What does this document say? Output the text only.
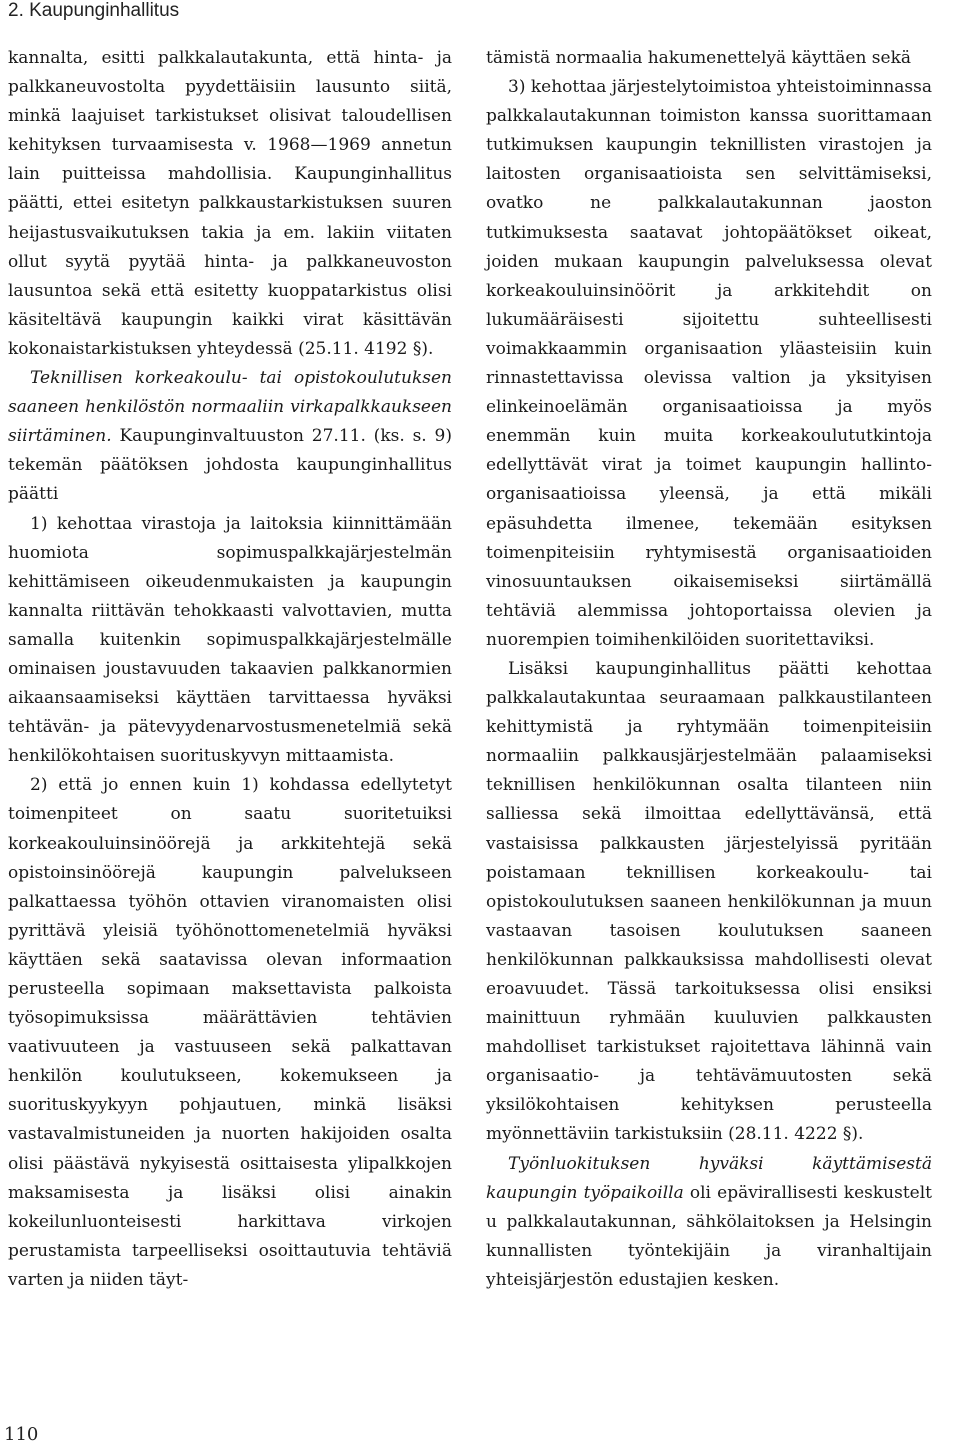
2. Kaupunginhallitus

kannalta, esitti palkkalautakunta, että hinta- ja palkkaneuvostolta pyydettäisiin lausunto siitä, minkä laajuiset tarkistukset olisivat taloudellisen kehityksen turvaamisesta v. 1968—1969 annetun lain puitteissa mahdollisia. Kaupunginhallitus päätti, ettei esitetyn palkkaustarkistuksen suuren heijastusvaikutuksen takia ja em. lakiin viitaten ollut syytä pyytää hinta- ja palkkaneuvoston lausuntoa sekä että esitetty kuoppatarkistus olisi käsiteltävä kaupungin kaikki virat käsittävän kokonaistarkistuksen yhteydessä (25.11. 4192 §).

Teknillisen korkeakoulu- tai opistokoulutuksen saaneen henkilöstön normaaliin virkapalkkaukseen siirtäminen. Kaupunginvaltuuston 27.11. (ks. s. 9) tekemän päätöksen johdosta kaupunginhallitus päätti

1) kehottaa virastoja ja laitoksia kiinnittämään huomiota sopimuspalkkajärjestelmän kehittämiseen oikeudenmukaisten ja kaupungin kannalta riittävän tehokkaasti valvottavien, mutta samalla kuitenkin sopimuspalkkajärjestelmälle ominaisen joustavuuden takaavien palkkanormien aikaansaamiseksi käyttäen tarvittaessa hyväksi tehtävän- ja pätevyydenarvostusmenetelmiä sekä henkilökohtaisen suorituskyvyn mittaamista.

2) että jo ennen kuin 1) kohdassa edellytetyt toimenpiteet on saatu suoritetuiksi korkeakouluinsinöörejä ja arkkitehtejä sekä opistoinsinöörejä kaupungin palvelukseen palkattaessa työhön ottavien viranomaisten olisi pyrittävä yleisiä työhönottomenetelmiä hyväksi käyttäen sekä saatavissa olevan informaation perusteella sopimaan maksettavista palkoista työsopimuksissa määrättävien tehtävien vaativuuteen ja vastuuseen sekä palkattavan henkilön koulutukseen, kokemukseen ja suorituskyykyyn pohjautuen, minkä lisäksi vastavalmistuneiden ja nuorten hakijoiden osalta olisi päästävä nykyisestä osittaisesta ylipalkkojen maksamisesta ja lisäksi olisi ainakin kokeilunluonteisesti harkittava virkojen perustamista tarpeelliseksi osoittautuvia tehtäviä varten ja niiden täyt-

tämistä normaalia hakumenettelyä käyttäen sekä

3) kehottaa järjestelytoimistoa yhteistoiminnassa palkkalautakunnan toimiston kanssa suorittamaan tutkimuksen kaupungin teknillisten virastojen ja laitosten organisaatioista sen selvittämiseksi, ovatko ne palkkalautakunnan jaoston tutkimuksesta saatavat johtopäätökset oikeat, joiden mukaan kaupungin palveluksessa olevat korkeakouluinsinöörit ja arkkitehdit on lukumääräisesti sijoitettu suhteellisesti voimakkaammin organisaation yläasteisiin kuin rinnastettavissa olevissa valtion ja yksityisen elinkeinoelämän organisaatioissa ja myös enemmän kuin muita korkeakoulututkintoja edellyttävät virat ja toimet kaupungin hallinto-organisaatioissa yleensä, ja että mikäli epäsuhdetta ilmenee, tekemään esityksen toimenpiteisiin ryhtymisestä organisaatioiden vinosuuntauksen oikaisemiseksi siirtämällä tehtäviä alemmissa johtoportaissa olevien ja nuorempien toimihenkilöiden suoritettaviksi.

Lisäksi kaupunginhallitus päätti kehottaa palkkalautakuntaa seuraamaan palkkaustilanteen kehittymistä ja ryhtymään toimenpiteisiin normaaliin palkkausjärjestelmään palaamiseksi teknillisen henkilökunnan osalta tilanteen niin salliessa sekä ilmoittaa edellyttävänsä, että vastaisissa palkkausten järjestelyissä pyritään poistamaan teknillisen korkeakoulu- tai opistokoulutuksen saaneen henkilökunnan ja muun vastaavan tasoisen koulutuksen saaneen henkilökunnan palkkauksissa mahdollisesti olevat eroavuudet. Tässä tarkoituksessa olisi ensiksi mainittuun ryhmään kuuluvien palkkausten mahdolliset tarkistukset rajoitettava lähinnä vain organisaatio- ja tehtävämuutosten sekä yksilökohtaisen kehityksen perusteella myönnettäviin tarkistuksiin (28.11. 4222 §).

Työnluokituksen hyväksi käyttämisestä kaupungin työpaikoilla oli epävirallisesti keskustelt u palkkalautakunnan, sähkölaitoksen ja Helsingin kunnallisten työntekijäin ja viranhaltijain yhteisjärjestön edustajien kesken.

110
